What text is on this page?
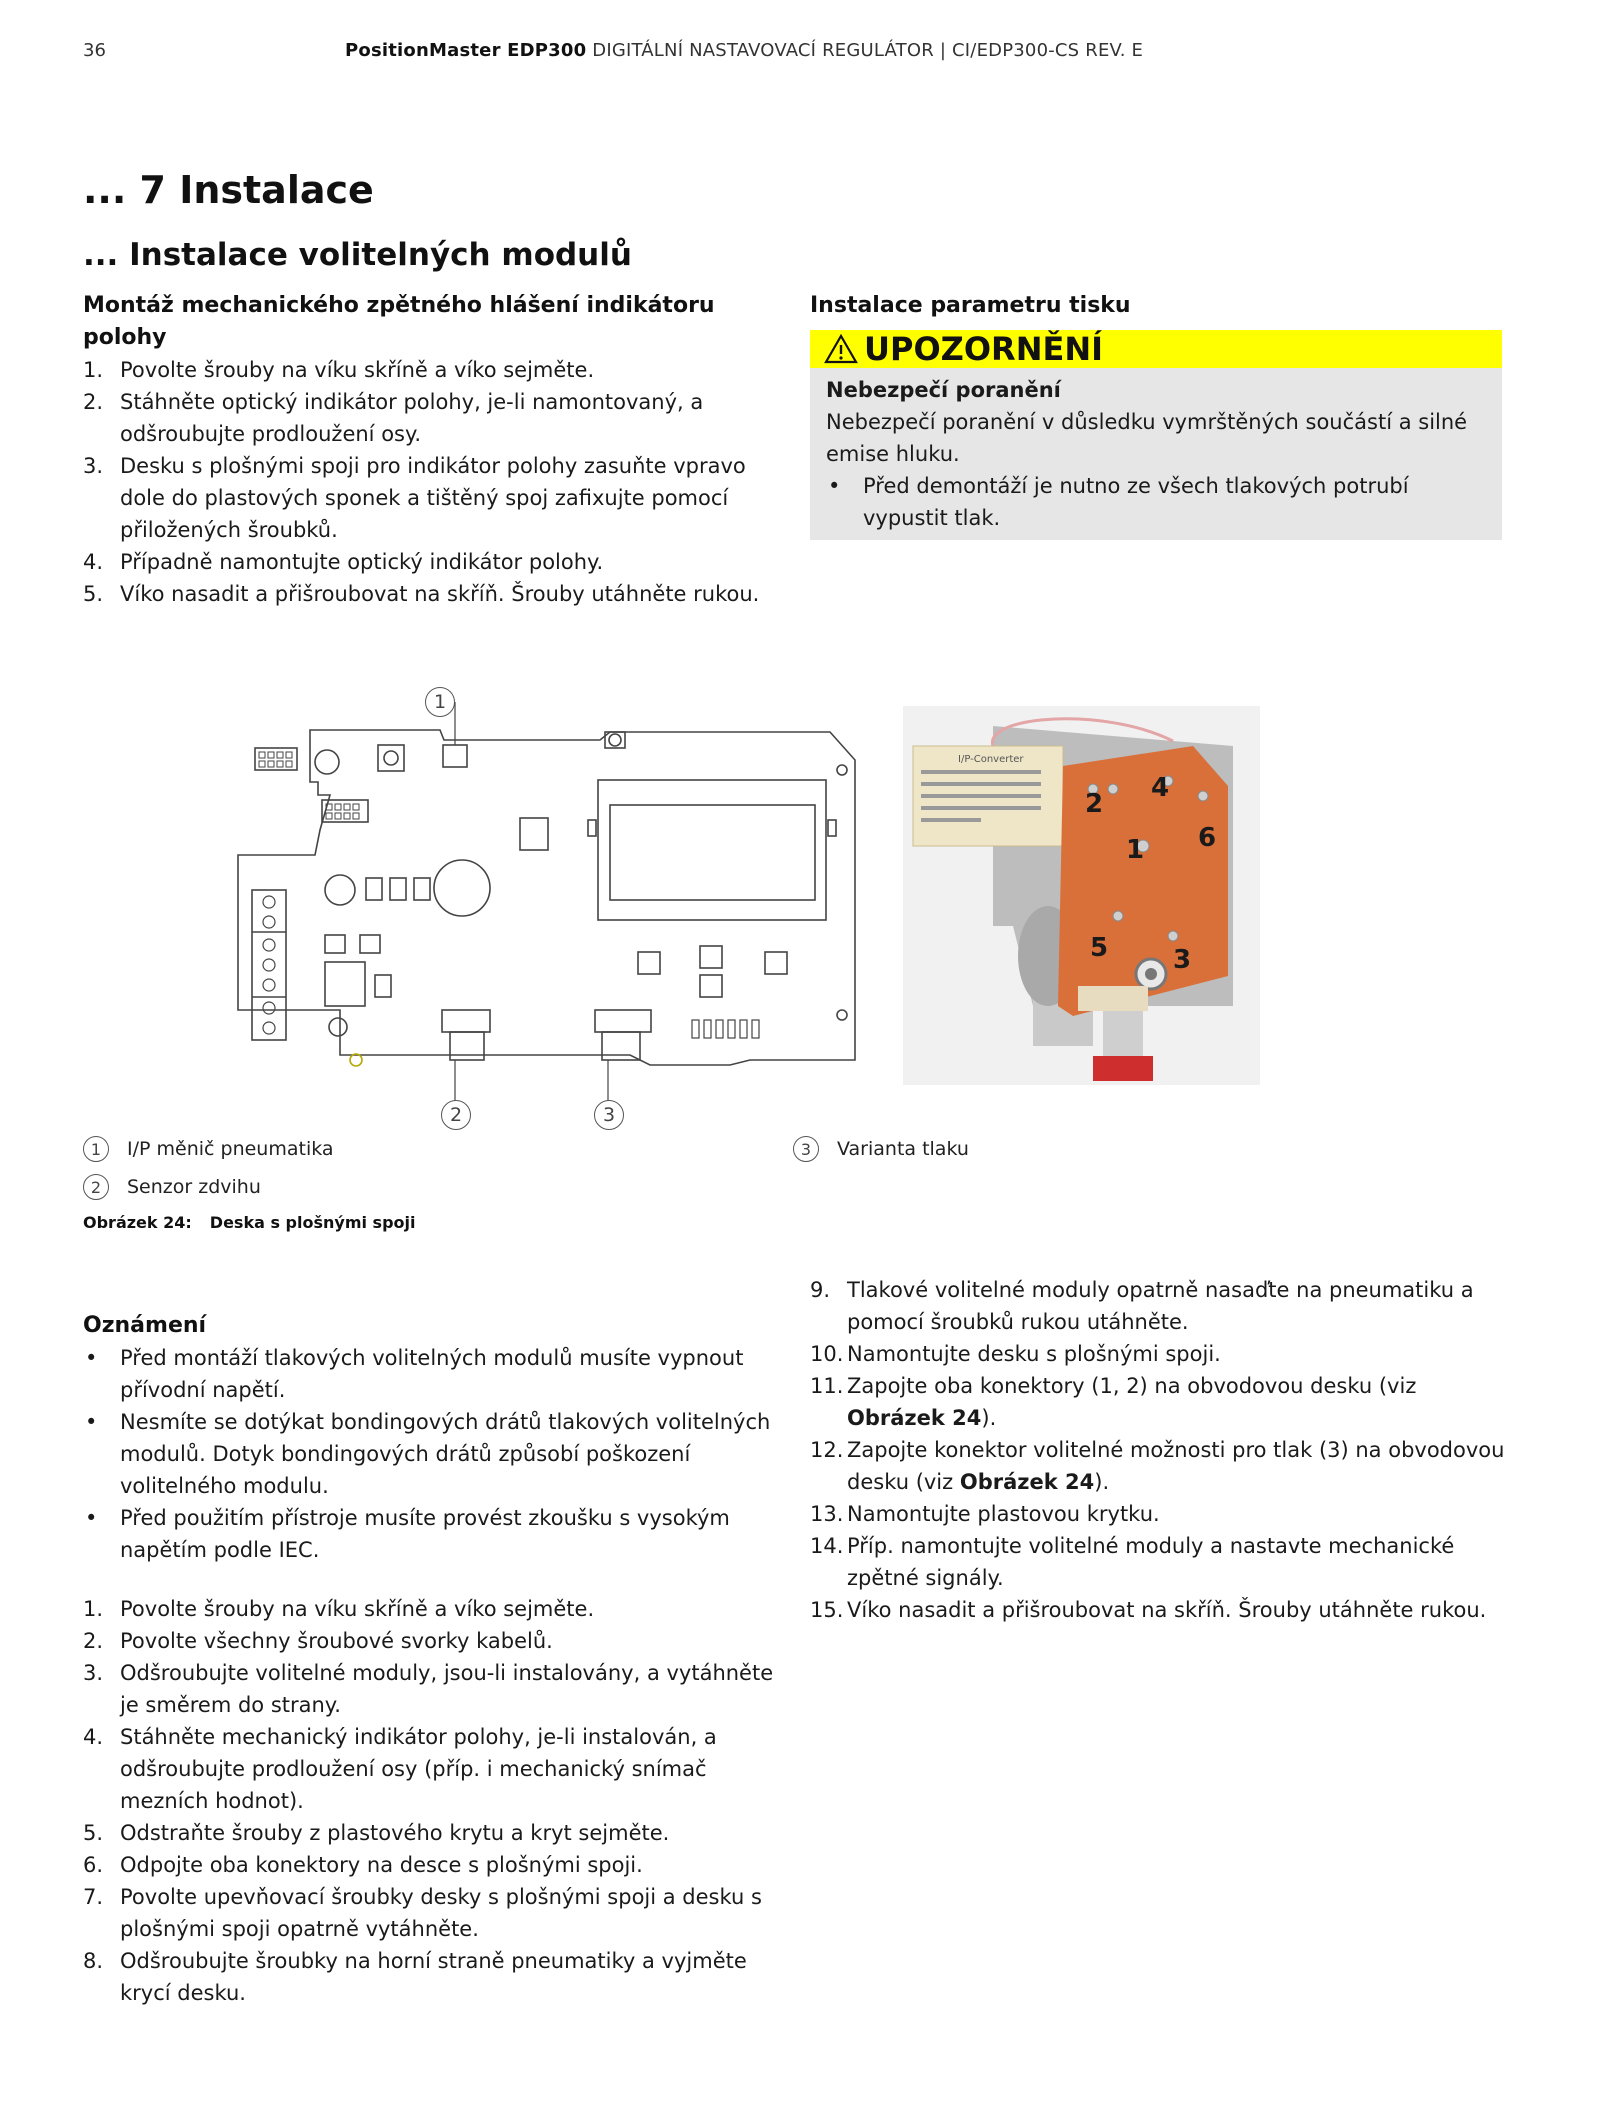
36	PositionMaster EDP300 DIGITÁLNÍ NASTAVOVACÍ REGULÁTOR | CI/EDP300-CS REV. E
... 7 Instalace
... Instalace volitelných modulů
Montáž mechanického zpětného hlášení indikátoru polohy
1. Povolte šrouby na víku skříně a víko sejměte.
2. Stáhněte optický indikátor polohy, je-li namontovaný, a odšroubujte prodloužení osy.
3. Desku s plošnými spoji pro indikátor polohy zasuňte vpravo dole do plastových sponek a tištěný spoj zafixujte pomocí přiložených šroubků.
4. Případně namontujte optický indikátor polohy.
5. Víko nasadit a přišroubovat na skříň. Šrouby utáhněte rukou.
Instalace parametru tisku
UPOZORNĚNÍ
Nebezpečí poranění
Nebezpečí poranění v důsledku vymrštěných součástí a silné emise hluku.
• Před demontáží je nutno ze všech tlakových potrubí vypustit tlak.
1
2	3
I/P-Converter
1
2
3
4
5
6
1	I/P měnič pneumatika
2	Senzor zdvihu
3	Varianta tlaku
Obrázek 24: Deska s plošnými spoji
Oznámení
• Před montáží tlakových volitelných modulů musíte vypnout přívodní napětí.
• Nesmíte se dotýkat bondingových drátů tlakových volitelných modulů. Dotyk bondingových drátů způsobí poškození volitelného modulu.
• Před použitím přístroje musíte provést zkoušku s vysokým napětím podle IEC.
1. Povolte šrouby na víku skříně a víko sejměte.
2. Povolte všechny šroubové svorky kabelů.
3. Odšroubujte volitelné moduly, jsou-li instalovány, a vytáhněte je směrem do strany.
4. Stáhněte mechanický indikátor polohy, je-li instalován, a odšroubujte prodloužení osy (příp. i mechanický snímač mezních hodnot).
5. Odstraňte šrouby z plastového krytu a kryt sejměte.
6. Odpojte oba konektory na desce s plošnými spoji.
7. Povolte upevňovací šroubky desky s plošnými spoji a desku s plošnými spoji opatrně vytáhněte.
8. Odšroubujte šroubky na horní straně pneumatiky a vyjměte krycí desku.
9. Tlakové volitelné moduly opatrně nasaďte na pneumatiku a pomocí šroubků rukou utáhněte.
10. Namontujte desku s plošnými spoji.
11. Zapojte oba konektory (1, 2) na obvodovou desku (viz Obrázek 24).
12. Zapojte konektor volitelné možnosti pro tlak (3) na obvodovou desku (viz Obrázek 24).
13. Namontujte plastovou krytku.
14. Příp. namontujte volitelné moduly a nastavte mechanické zpětné signály.
15. Víko nasadit a přišroubovat na skříň. Šrouby utáhněte rukou.
